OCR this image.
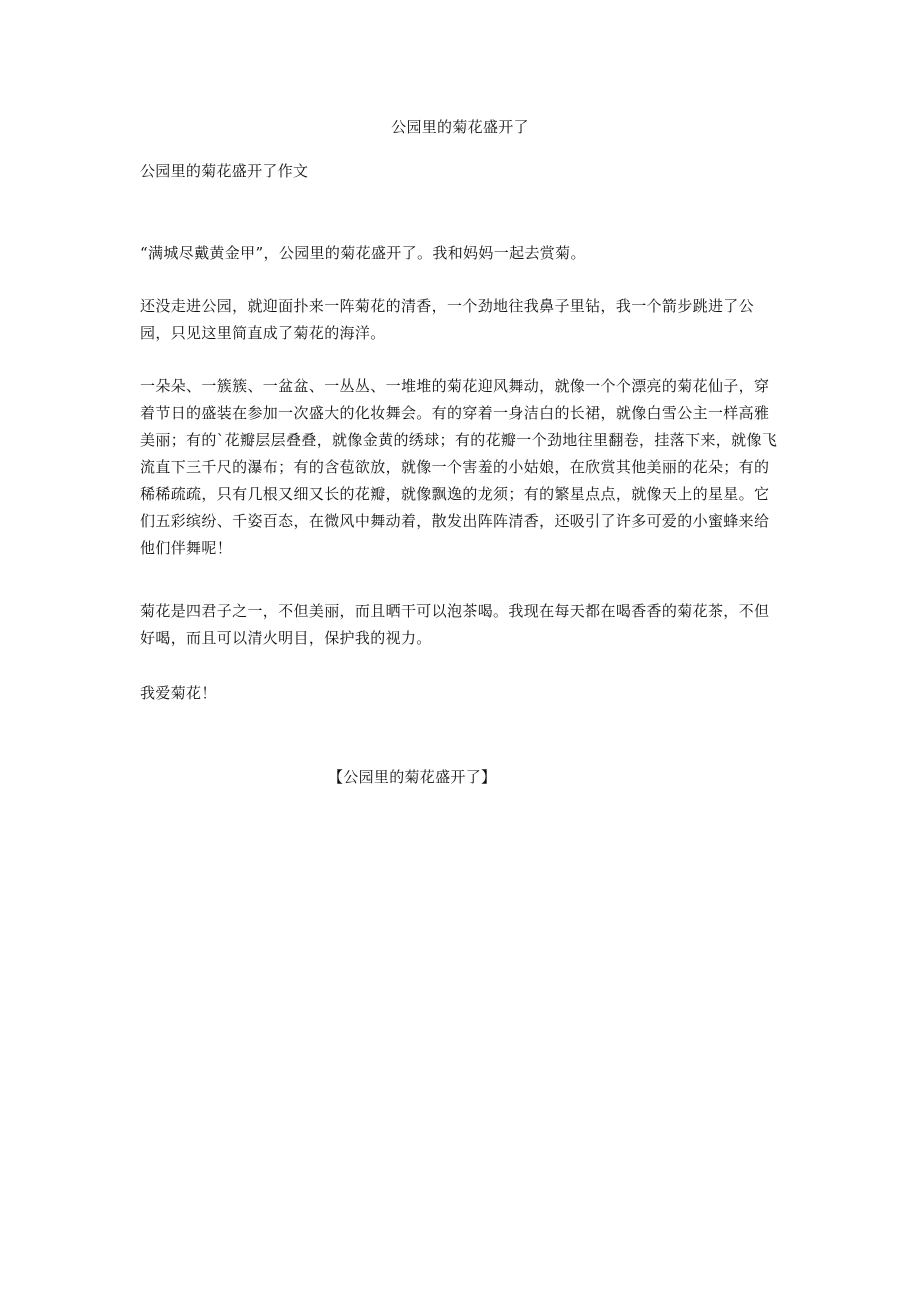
公园里的菊花盛开了
公园里的菊花盛开了作文

“满城尽戴黄金甲”，公园里的菊花盛开了。我和妈妈一起去赏菊。

还没走进公园，就迎面扑来一阵菊花的清香，一个劲地往我鼻子里钻，我一个箭步跳进了公园，只见这里简直成了菊花的海洋。

一朵朵、一簇簇、一盆盆、一丛丛、一堆堆的菊花迎风舞动，就像一个个漂亮的菊花仙子，穿着节日的盛装在参加一次盛大的化妆舞会。有的穿着一身洁白的长裙，就像白雪公主一样高雅美丽；有的`花瓣层层叠叠，就像金黄的绣球；有的花瓣一个劲地往里翻卷，挂落下来，就像飞流直下三千尺的瀑布；有的含苞欲放，就像一个害羞的小姑娘，在欣赏其他美丽的花朵；有的稀稀疏疏，只有几根又细又长的花瓣，就像飘逸的龙须；有的繁星点点，就像天上的星星。它们五彩缤纷、千姿百态，在微风中舞动着，散发出阵阵清香，还吸引了许多可爱的小蜜蜂来给他们伴舞呢！

菊花是四君子之一，不但美丽，而且晒干可以泡茶喝。我现在每天都在喝香香的菊花茶，不但好喝，而且可以清火明目，保护我的视力。

我爱菊花！

【公园里的菊花盛开了】
